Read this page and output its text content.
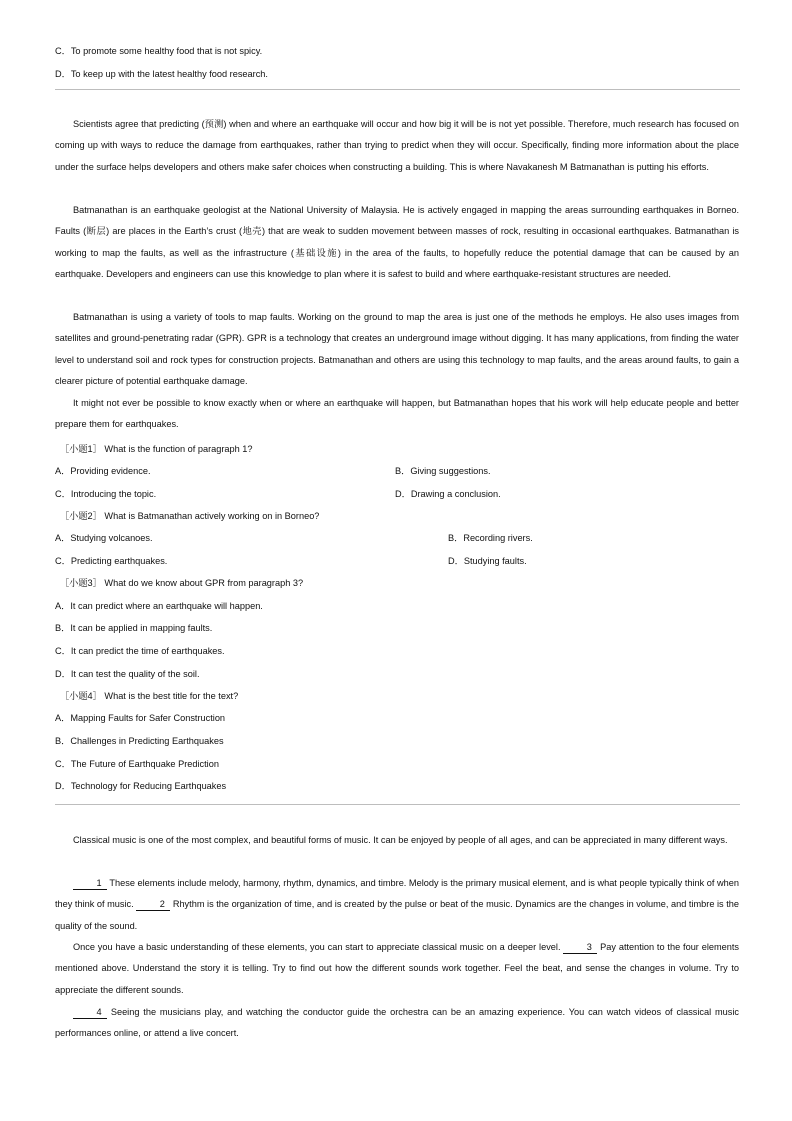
C．To promote some healthy food that is not spicy.
D．To keep up with the latest healthy food research.
Scientists agree that predicting (预测) when and where an earthquake will occur and how big it will be is not yet possible. Therefore, much research has focused on coming up with ways to reduce the damage from earthquakes, rather than trying to predict when they will occur. Specifically, finding more information about the place under the surface helps developers and others make safer choices when constructing a building. This is where Navakanesh M Batmanathan is putting his efforts.
Batmanathan is an earthquake geologist at the National University of Malaysia. He is actively engaged in mapping the areas surrounding earthquakes in Borneo. Faults (断层) are places in the Earth’s crust (地壳) that are weak to sudden movement between masses of rock, resulting in occasional earthquakes. Batmanathan is working to map the faults, as well as the infrastructure (基础设施) in the area of the faults, to hopefully reduce the potential damage that can be caused by an earthquake. Developers and engineers can use this knowledge to plan where it is safest to build and where earthquake-resistant structures are needed.
Batmanathan is using a variety of tools to map faults. Working on the ground to map the area is just one of the methods he employs. He also uses images from satellites and ground-penetrating radar (GPR). GPR is a technology that creates an underground image without digging. It has many applications, from finding the water level to understand soil and rock types for construction projects. Batmanathan and others are using this technology to map faults, and the areas around faults, to gain a clearer picture of potential earthquake damage.
It might not ever be possible to know exactly when or where an earthquake will happen, but Batmanathan hopes that his work will help educate people and better prepare them for earthquakes.
［小题1］ What is the function of paragraph 1?
A．Providing evidence.	B．Giving suggestions.
C．Introducing the topic.	D．Drawing a conclusion.
［小题2］ What is Batmanathan actively working on in Borneo?
A．Studying volcanoes.	B．Recording rivers.
C．Predicting earthquakes.	D．Studying faults.
［小题3］ What do we know about GPR from paragraph 3?
A．It can predict where an earthquake will happen.
B．It can be applied in mapping faults.
C．It can predict the time of earthquakes.
D．It can test the quality of the soil.
［小题4］ What is the best title for the text?
A．Mapping Faults for Safer Construction
B．Challenges in Predicting Earthquakes
C．The Future of Earthquake Prediction
D．Technology for Reducing Earthquakes
Classical music is one of the most complex, and beautiful forms of music. It can be enjoyed by people of all ages, and can be appreciated in many different ways.
1 These elements include melody, harmony, rhythm, dynamics, and timbre. Melody is the primary musical element, and is what people typically think of when they think of music.	2 Rhythm is the organization of time, and is created by the pulse or beat of the music. Dynamics are the changes in volume, and timbre is the quality of the sound.
Once you have a basic understanding of these elements, you can start to appreciate classical music on a deeper level.	3 Pay attention to the four elements mentioned above. Understand the story it is telling. Try to find out how the different sounds work together. Feel the beat, and sense the changes in volume. Try to appreciate the different sounds.
4 Seeing the musicians play, and watching the conductor guide the orchestra can be an amazing experience. You can watch videos of classical music performances online, or attend a live concert.
